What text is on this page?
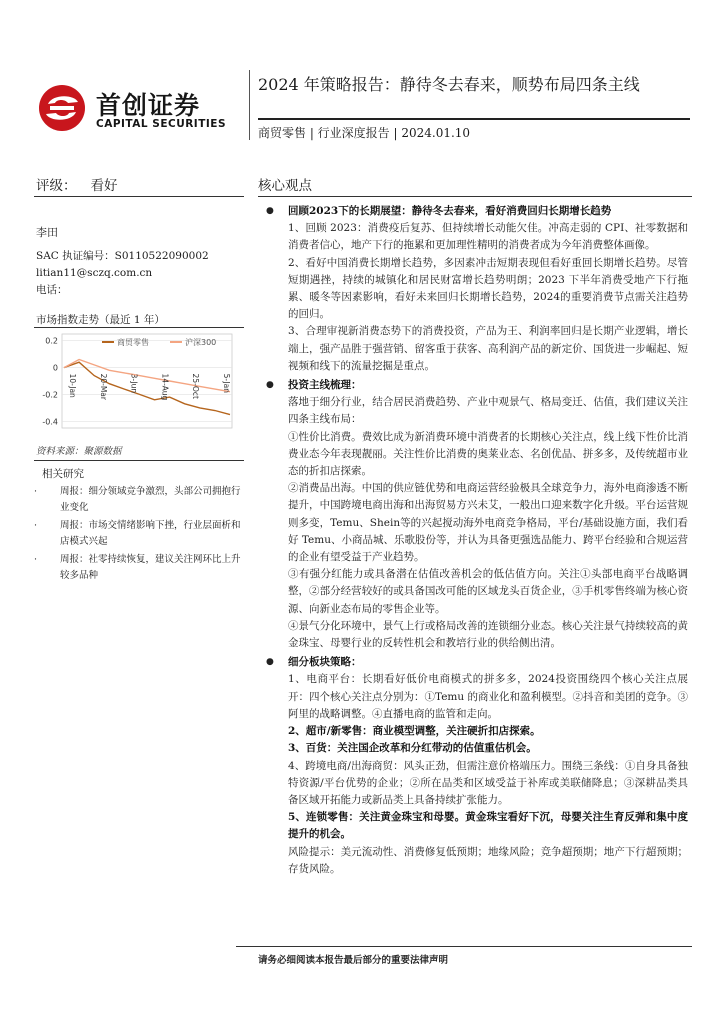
首创证券
CAPITAL SECURITIES
2024 年策略报告：静待冬去春来，顺势布局四条主线
商贸零售 | 行业深度报告 | 2024.01.10
评级： 看好
李田
SAC 执证编号：S0110522090002
litian11@sczq.com.cn
电话：
市场指数走势（最近 1 年）
0.2
0
-0.2
-0.4
10-Jan	20-Mar	3-Jun	14-Aug	25-Oct	5-Jan
商贸零售	沪深300
资料来源：聚源数据
相关研究
· 周报：细分领域竞争激烈，头部公司拥抱行业变化
· 周报：市场交情绪影响下挫，行业层面析和店模式兴起
· 周报：社零持续恢复，建议关注网环比上升较多品种
核心观点
● 回顾2023下的长期展望：静待冬去春来，看好消费回归长期增长趋势

1、回顾 2023：消费疫后复苏、但持续增长动能欠佳。冲高走弱的 CPI、社零数据和消费者信心，地产下行的拖累和更加理性精明的消费者成为今年消费整体画像。

2、看好中国消费长期增长趋势，多因素冲击短期表现但看好重回长期增长趋势。尽管短期遇挫，持续的城镇化和居民财富增长趋势明朗；2023 下半年消费受地产下行拖累、暖冬等因素影响，看好未来回归长期增长趋势，2024的重要消费节点需关注趋势的回归。

3、合理审视新消费态势下的消费投资，产品为王、利润率回归是长期产业逻辑，增长端上，强产品胜于强营销、留客重于获客、高利润产品的新定价、国货进一步崛起、短视频和线下的流量挖掘是重点。

● 投资主线梳理：

落地于细分行业，结合居民消费趋势、产业中观景气、格局变迁、估值，我们建议关注四条主线布局：

①性价比消费。费效比成为新消费环境中消费者的长期核心关注点，线上线下性价比消费业态今年表现靓丽。关注性价比消费的奥莱业态、名创优品、拼多多，及传统超市业态的折扣店探索。

②消费品出海。中国的供应链优势和电商运营经验极具全球竞争力，海外电商渗透不断提升，中国跨境电商出海和出海贸易方兴未艾，一般出口迎来数字化升级。平台运营规则多变，Temu、Shein等的兴起搅动海外电商竞争格局，平台/基础设施方面，我们看好 Temu、小商品城、乐歌股份等，并认为具备更强选品能力、跨平台经验和合规运营的企业有望受益于产业趋势。

③有强分红能力或具备潜在估值改善机会的低估值方向。关注①头部电商平台战略调整，②部分经营较好的或具备国改可能的区域龙头百货企业，③手机零售终端为核心资源、向新业态布局的零售企业等。

④景气分化环境中，景气上行或格局改善的连锁细分业态。核心关注景气持续较高的黄金珠宝、母婴行业的反转性机会和教培行业的供给侧出清。

● 细分板块策略：

1、电商平台：长期看好低价电商模式的拼多多，2024投资围绕四个核心关注点展开：四个核心关注点分别为：①Temu 的商业化和盈利模型。②抖音和美团的竞争。③阿里的战略调整。④直播电商的监管和走向。

2、超市/新零售：商业模型调整，关注硬折扣店探索。

3、百货：关注国企改革和分红带动的估值重估机会。

4、跨境电商/出海商贸：风头正劲，但需注意价格端压力。围绕三条线：①自身具备独特资源/平台优势的企业；②所在品类和区域受益于补库或美联储降息；③深耕品类具备区域开拓能力或新品类上具备持续扩张能力。

5、连锁零售：关注黄金珠宝和母婴。黄金珠宝看好下沉，母婴关注生育反弹和集中度提升的机会。

风险提示：美元流动性、消费修复低预期；地缘风险；竞争超预期；地产下行超预期；存货风险。

请务必细阅读本报告最后部分的重要法律声明
